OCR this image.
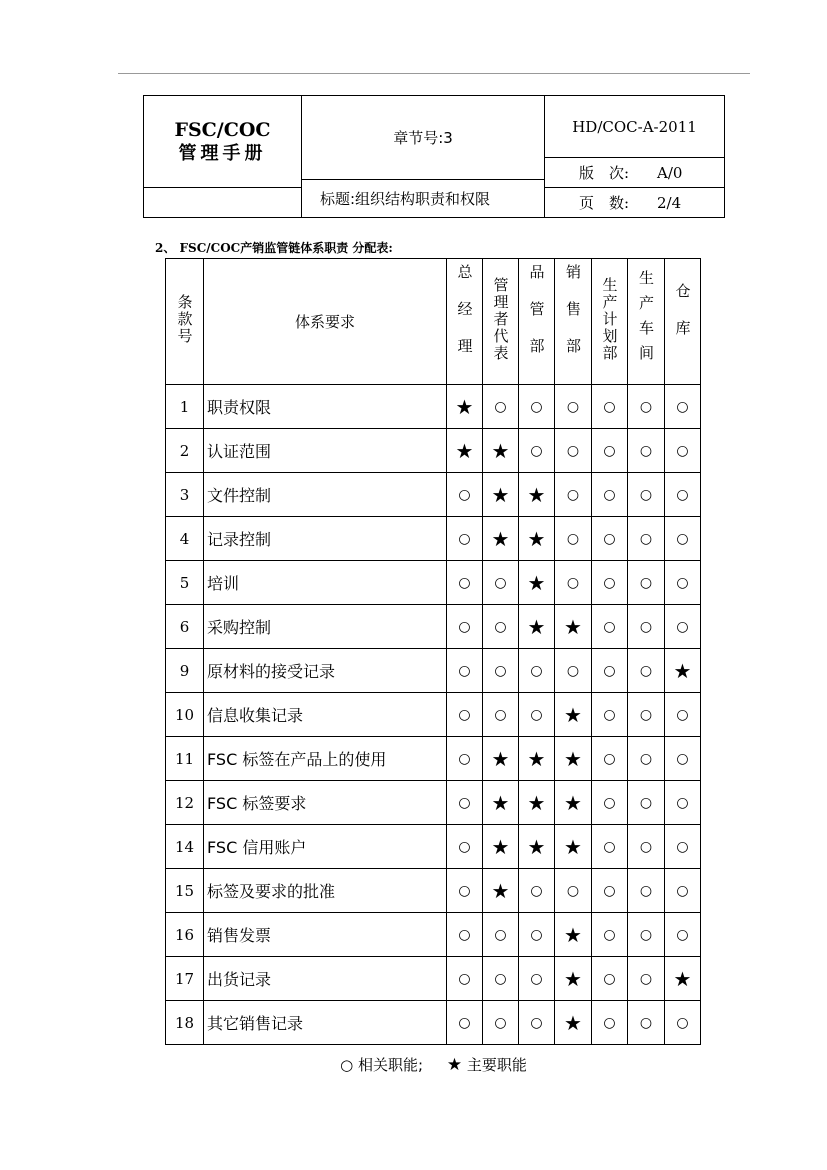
FSC/COC
管理手册	章节号:3	HD/COC-A-2011
		版　次: A/0
	标题:组织结构职责和权限	
		页　数: 2/4
2、 FSC/COC产销监管链体系职责 分配表:
条款号	体系要求	总经理	管理者代表	品管部	销售部	生产计划部	生产车间	仓库
1	职责权限	★	○	○	○	○	○	○
2	认证范围	★	★	○	○	○	○	○
3	文件控制	○	★	★	○	○	○	○
4	记录控制	○	★	★	○	○	○	○
5	培训	○	○	★	○	○	○	○
6	采购控制	○	○	★	★	○	○	○
9	原材料的接受记录	○	○	○	○	○	○	★
10	信息收集记录	○	○	○	★	○	○	○
11	FSC 标签在产品上的使用	○	★	★	★	○	○	○
12	FSC 标签要求	○	★	★	★	○	○	○
14	FSC 信用账户	○	★	★	★	○	○	○
15	标签及要求的批准	○	★	○	○	○	○	○
16	销售发票	○	○	○	★	○	○	○
17	出货记录	○	○	○	★	○	○	★
18	其它销售记录	○	○	○	★	○	○	○
○ 相关职能; ★ 主要职能
